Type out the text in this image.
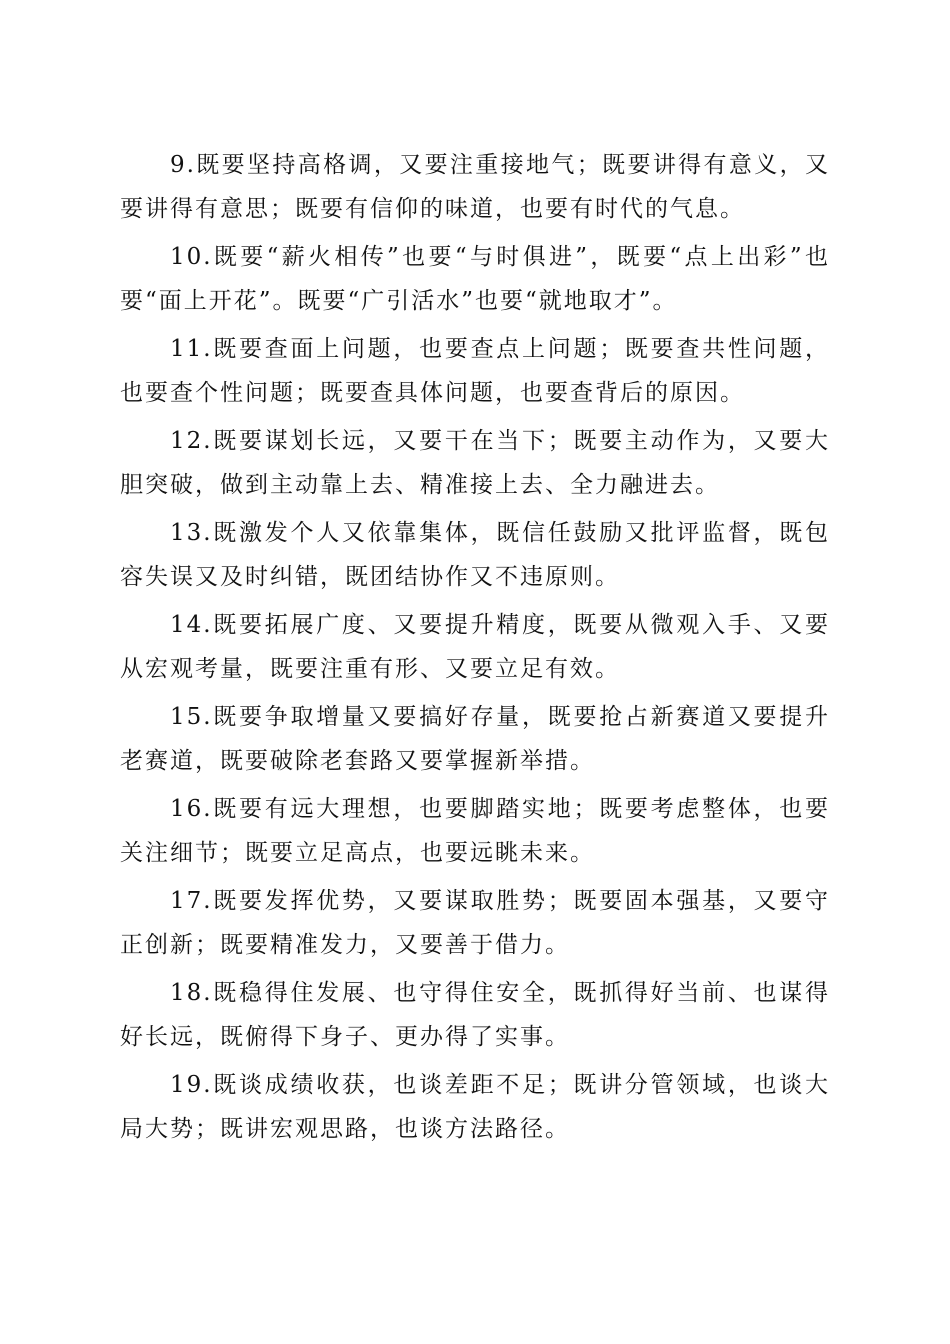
9.既要坚持高格调，又要注重接地气；既要讲得有意义，又要讲得有意思；既要有信仰的味道，也要有时代的气息。

10.既要“薪火相传”也要“与时俱进”，既要“点上出彩”也要“面上开花”。既要“广引活水”也要“就地取才”。

11.既要查面上问题，也要查点上问题；既要查共性问题，也要查个性问题；既要查具体问题，也要查背后的原因。

12.既要谋划长远，又要干在当下；既要主动作为，又要大胆突破，做到主动靠上去、精准接上去、全力融进去。

13.既激发个人又依靠集体，既信任鼓励又批评监督，既包容失误又及时纠错，既团结协作又不违原则。

14.既要拓展广度、又要提升精度，既要从微观入手、又要从宏观考量，既要注重有形、又要立足有效。

15.既要争取增量又要搞好存量，既要抢占新赛道又要提升老赛道，既要破除老套路又要掌握新举措。

16.既要有远大理想，也要脚踏实地；既要考虑整体，也要关注细节；既要立足高点，也要远眺未来。

17.既要发挥优势，又要谋取胜势；既要固本强基，又要守正创新；既要精准发力，又要善于借力。

18.既稳得住发展、也守得住安全，既抓得好当前、也谋得好长远，既俯得下身子、更办得了实事。

19.既谈成绩收获，也谈差距不足；既讲分管领域，也谈大局大势；既讲宏观思路，也谈方法路径。
